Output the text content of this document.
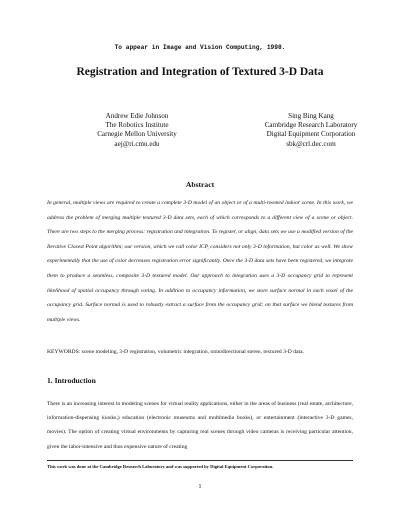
To appear in Image and Vision Computing, 1998.
Registration and Integration of Textured 3-D Data
Andrew Edie Johnson
The Robotics Institute
Carnegie Mellon University
aej@ri.cmu.edu
Sing Bing Kang
Cambridge Research Laboratory
Digital Equipment Corporation
sbk@crl.dec.com
Abstract

In general, multiple views are required to create a complete 3-D model of an object or of a multi-roomed indoor scene. In this work, we address the problem of merging multiple textured 3-D data sets, each of which corresponds to a different view of a scene or object. There are two steps to the merging process: registration and integration. To register, or align, data sets we use a modified version of the Iterative Closest Point algorithm; our version, which we call color ICP, considers not only 3-D information, but color as well. We show experimentally that the use of color decreases registration error significantly. Once the 3-D data sets have been registered, we integrate them to produce a seamless, composite 3-D textured model. Our approach to integration uses a 3-D occupancy grid to represent likelihood of spatial occupancy through voting. In addition to occupancy information, we store surface normal in each voxel of the occupancy grid. Surface normal is used to robustly extract a surface from the occupancy grid; on that surface we blend textures from multiple views.

KEYWORDS: scene modeling, 3-D registration, volumetric integration, omnidirectional stereo, textured 3-D data.
1. Introduction

There is an increasing interest in modeling scenes for virtual reality applications, either in the areas of business (real estate, architecture, information-dispensing kiosks,) education (electronic museums and multimedia books), or entertainment (interactive 3-D games, movies). The option of creating virtual environments by capturing real scenes through video cameras is receiving particular attention, given the labor-intensive and thus expensive nature of creating

This work was done at the Cambridge Research Laboratory and was supported by Digital Equipment Corporation.
1
